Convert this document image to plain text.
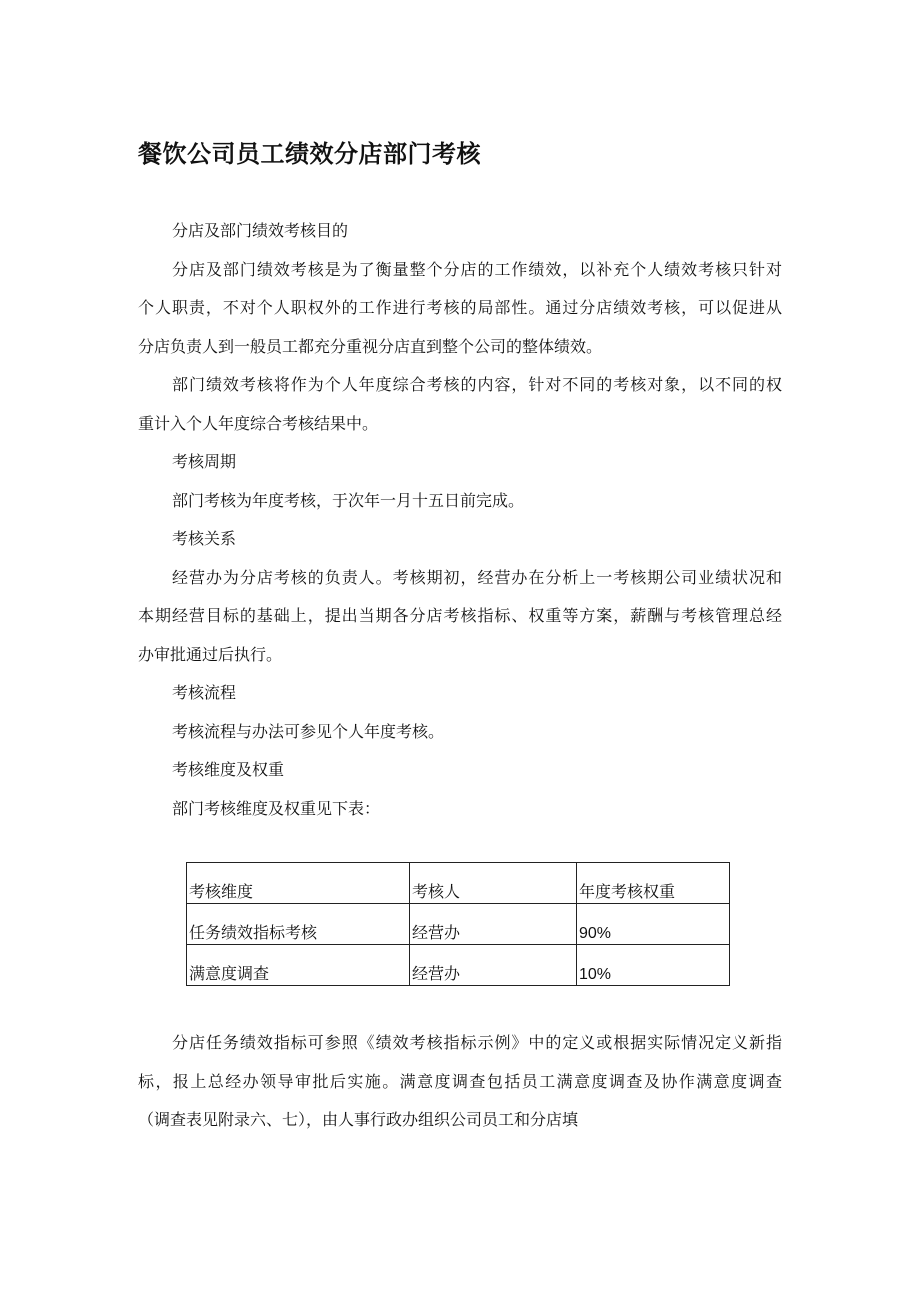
餐饮公司员工绩效分店部门考核
分店及部门绩效考核目的
分店及部门绩效考核是为了衡量整个分店的工作绩效，以补充个人绩效考核只针对
个人职责，不对个人职权外的工作进行考核的局部性。通过分店绩效考核，可以促进从
分店负责人到一般员工都充分重视分店直到整个公司的整体绩效。
部门绩效考核将作为个人年度综合考核的内容，针对不同的考核对象，以不同的权
重计入个人年度综合考核结果中。
考核周期
部门考核为年度考核，于次年一月十五日前完成。
考核关系
经营办为分店考核的负责人。考核期初，经营办在分析上一考核期公司业绩状况和
本期经营目标的基础上，提出当期各分店考核指标、权重等方案，薪酬与考核管理总经
办审批通过后执行。
考核流程
考核流程与办法可参见个人年度考核。
考核维度及权重
部门考核维度及权重见下表：
考核维度	考核人	年度考核权重
任务绩效指标考核	经营办	90%
满意度调查	经营办	10%
分店任务绩效指标可参照《绩效考核指标示例》中的定义或根据实际情况定义新指
标，报上总经办领导审批后实施。满意度调查包括员工满意度调查及协作满意度调查
（调查表见附录六、七），由人事行政办组织公司员工和分店填
